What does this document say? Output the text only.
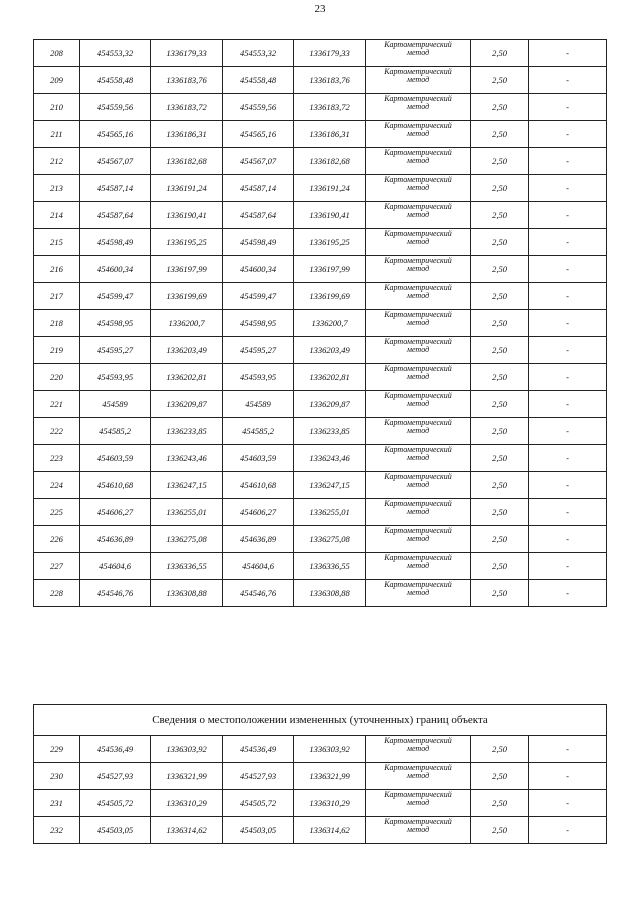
23
208	454553,32	1336179,33	454553,32	1336179,33	Картометрический
метод	2,50	-
209	454558,48	1336183,76	454558,48	1336183,76	Картометрический
метод	2,50	-
210	454559,56	1336183,72	454559,56	1336183,72	Картометрический
метод	2,50	-
211	454565,16	1336186,31	454565,16	1336186,31	Картометрический
метод	2,50	-
212	454567,07	1336182,68	454567,07	1336182,68	Картометрический
метод	2,50	-
213	454587,14	1336191,24	454587,14	1336191,24	Картометрический
метод	2,50	-
214	454587,64	1336190,41	454587,64	1336190,41	Картометрический
метод	2,50	-
215	454598,49	1336195,25	454598,49	1336195,25	Картометрический
метод	2,50	-
216	454600,34	1336197,99	454600,34	1336197,99	Картометрический
метод	2,50	-
217	454599,47	1336199,69	454599,47	1336199,69	Картометрический
метод	2,50	-
218	454598,95	1336200,7	454598,95	1336200,7	Картометрический
метод	2,50	-
219	454595,27	1336203,49	454595,27	1336203,49	Картометрический
метод	2,50	-
220	454593,95	1336202,81	454593,95	1336202,81	Картометрический
метод	2,50	-
221	454589	1336209,87	454589	1336209,87	Картометрический
метод	2,50	-
222	454585,2	1336233,85	454585,2	1336233,85	Картометрический
метод	2,50	-
223	454603,59	1336243,46	454603,59	1336243,46	Картометрический
метод	2,50	-
224	454610,68	1336247,15	454610,68	1336247,15	Картометрический
метод	2,50	-
225	454606,27	1336255,01	454606,27	1336255,01	Картометрический
метод	2,50	-
226	454636,89	1336275,08	454636,89	1336275,08	Картометрический
метод	2,50	-
227	454604,6	1336336,55	454604,6	1336336,55	Картометрический
метод	2,50	-
228	454546,76	1336308,88	454546,76	1336308,88	Картометрический
метод	2,50	-
Сведения о местоположении измененных (уточненных) границ объекта							
229	454536,49	1336303,92	454536,49	1336303,92	Картометрический
метод	2,50	-
230	454527,93	1336321,99	454527,93	1336321,99	Картометрический
метод	2,50	-
231	454505,72	1336310,29	454505,72	1336310,29	Картометрический
метод	2,50	-
232	454503,05	1336314,62	454503,05	1336314,62	Картометрический
метод	2,50	-
